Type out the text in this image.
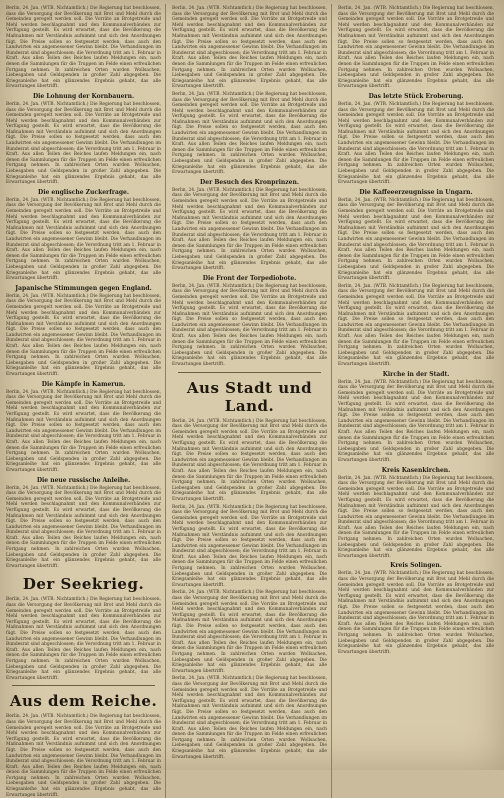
Berlin, 24. Jan. (WTB. Nichtamtlich.) Die Regierung hat beschlossen, dass die Versorgung der Bevölkerung mit Brot und Mehl durch die Gemeinden geregelt werden soll. Die Vorräte an Brotgetreide und Mehl werden beschlagnahmt und den Kommunalverbänden zur Verfügung gestellt. Es wird erwartet, dass die Bevölkerung die Maßnahmen mit Verständnis aufnimmt und sich den Anordnungen fügt. Die Preise sollen so festgesetzt werden, dass auch den Landwirten ein angemessener Gewinn bleibt. Die Verhandlungen im Bundesrat sind abgeschlossen; die Verordnung tritt am 1. Februar in Kraft. Aus allen Teilen des Reiches laufen Meldungen ein, nach denen die Sammlungen für die Truppen im Felde einen erfreulichen Fortgang nehmen. In zahlreichen Orten wurden Wollsachen, Liebesgaben und Geldspenden in großer Zahl abgegeben. Die Kriegsanleihe hat ein glänzendes Ergebnis gehabt, das alle Erwartungen übertrifft.
Die Lohnung der Kornbauern.
Berlin, 24. Jan. (WTB. Nichtamtlich.) Die Regierung hat beschlossen, dass die Versorgung der Bevölkerung mit Brot und Mehl durch die Gemeinden geregelt werden soll. Die Vorräte an Brotgetreide und Mehl werden beschlagnahmt und den Kommunalverbänden zur Verfügung gestellt. Es wird erwartet, dass die Bevölkerung die Maßnahmen mit Verständnis aufnimmt und sich den Anordnungen fügt. Die Preise sollen so festgesetzt werden, dass auch den Landwirten ein angemessener Gewinn bleibt. Die Verhandlungen im Bundesrat sind abgeschlossen; die Verordnung tritt am 1. Februar in Kraft. Aus allen Teilen des Reiches laufen Meldungen ein, nach denen die Sammlungen für die Truppen im Felde einen erfreulichen Fortgang nehmen. In zahlreichen Orten wurden Wollsachen, Liebesgaben und Geldspenden in großer Zahl abgegeben. Die Kriegsanleihe hat ein glänzendes Ergebnis gehabt, das alle Erwartungen übertrifft.
Die englische Zuckerfrage.
Berlin, 24. Jan. (WTB. Nichtamtlich.) Die Regierung hat beschlossen, dass die Versorgung der Bevölkerung mit Brot und Mehl durch die Gemeinden geregelt werden soll. Die Vorräte an Brotgetreide und Mehl werden beschlagnahmt und den Kommunalverbänden zur Verfügung gestellt. Es wird erwartet, dass die Bevölkerung die Maßnahmen mit Verständnis aufnimmt und sich den Anordnungen fügt. Die Preise sollen so festgesetzt werden, dass auch den Landwirten ein angemessener Gewinn bleibt. Die Verhandlungen im Bundesrat sind abgeschlossen; die Verordnung tritt am 1. Februar in Kraft. Aus allen Teilen des Reiches laufen Meldungen ein, nach denen die Sammlungen für die Truppen im Felde einen erfreulichen Fortgang nehmen. In zahlreichen Orten wurden Wollsachen, Liebesgaben und Geldspenden in großer Zahl abgegeben. Die Kriegsanleihe hat ein glänzendes Ergebnis gehabt, das alle Erwartungen übertrifft.
Japanische Stimmungen gegen England.
Berlin, 24. Jan. (WTB. Nichtamtlich.) Die Regierung hat beschlossen, dass die Versorgung der Bevölkerung mit Brot und Mehl durch die Gemeinden geregelt werden soll. Die Vorräte an Brotgetreide und Mehl werden beschlagnahmt und den Kommunalverbänden zur Verfügung gestellt. Es wird erwartet, dass die Bevölkerung die Maßnahmen mit Verständnis aufnimmt und sich den Anordnungen fügt. Die Preise sollen so festgesetzt werden, dass auch den Landwirten ein angemessener Gewinn bleibt. Die Verhandlungen im Bundesrat sind abgeschlossen; die Verordnung tritt am 1. Februar in Kraft. Aus allen Teilen des Reiches laufen Meldungen ein, nach denen die Sammlungen für die Truppen im Felde einen erfreulichen Fortgang nehmen. In zahlreichen Orten wurden Wollsachen, Liebesgaben und Geldspenden in großer Zahl abgegeben. Die Kriegsanleihe hat ein glänzendes Ergebnis gehabt, das alle Erwartungen übertrifft.
Die Kämpfe in Kamerun.
Berlin, 24. Jan. (WTB. Nichtamtlich.) Die Regierung hat beschlossen, dass die Versorgung der Bevölkerung mit Brot und Mehl durch die Gemeinden geregelt werden soll. Die Vorräte an Brotgetreide und Mehl werden beschlagnahmt und den Kommunalverbänden zur Verfügung gestellt. Es wird erwartet, dass die Bevölkerung die Maßnahmen mit Verständnis aufnimmt und sich den Anordnungen fügt. Die Preise sollen so festgesetzt werden, dass auch den Landwirten ein angemessener Gewinn bleibt. Die Verhandlungen im Bundesrat sind abgeschlossen; die Verordnung tritt am 1. Februar in Kraft. Aus allen Teilen des Reiches laufen Meldungen ein, nach denen die Sammlungen für die Truppen im Felde einen erfreulichen Fortgang nehmen. In zahlreichen Orten wurden Wollsachen, Liebesgaben und Geldspenden in großer Zahl abgegeben. Die Kriegsanleihe hat ein glänzendes Ergebnis gehabt, das alle Erwartungen übertrifft.
Die neue russische Anleihe.
Berlin, 24. Jan. (WTB. Nichtamtlich.) Die Regierung hat beschlossen, dass die Versorgung der Bevölkerung mit Brot und Mehl durch die Gemeinden geregelt werden soll. Die Vorräte an Brotgetreide und Mehl werden beschlagnahmt und den Kommunalverbänden zur Verfügung gestellt. Es wird erwartet, dass die Bevölkerung die Maßnahmen mit Verständnis aufnimmt und sich den Anordnungen fügt. Die Preise sollen so festgesetzt werden, dass auch den Landwirten ein angemessener Gewinn bleibt. Die Verhandlungen im Bundesrat sind abgeschlossen; die Verordnung tritt am 1. Februar in Kraft. Aus allen Teilen des Reiches laufen Meldungen ein, nach denen die Sammlungen für die Truppen im Felde einen erfreulichen Fortgang nehmen. In zahlreichen Orten wurden Wollsachen, Liebesgaben und Geldspenden in großer Zahl abgegeben. Die Kriegsanleihe hat ein glänzendes Ergebnis gehabt, das alle Erwartungen übertrifft.
Der Seekrieg.
Berlin, 24. Jan. (WTB. Nichtamtlich.) Die Regierung hat beschlossen, dass die Versorgung der Bevölkerung mit Brot und Mehl durch die Gemeinden geregelt werden soll. Die Vorräte an Brotgetreide und Mehl werden beschlagnahmt und den Kommunalverbänden zur Verfügung gestellt. Es wird erwartet, dass die Bevölkerung die Maßnahmen mit Verständnis aufnimmt und sich den Anordnungen fügt. Die Preise sollen so festgesetzt werden, dass auch den Landwirten ein angemessener Gewinn bleibt. Die Verhandlungen im Bundesrat sind abgeschlossen; die Verordnung tritt am 1. Februar in Kraft. Aus allen Teilen des Reiches laufen Meldungen ein, nach denen die Sammlungen für die Truppen im Felde einen erfreulichen Fortgang nehmen. In zahlreichen Orten wurden Wollsachen, Liebesgaben und Geldspenden in großer Zahl abgegeben. Die Kriegsanleihe hat ein glänzendes Ergebnis gehabt, das alle Erwartungen übertrifft.
Aus dem Reiche.
Berlin, 24. Jan. (WTB. Nichtamtlich.) Die Regierung hat beschlossen, dass die Versorgung der Bevölkerung mit Brot und Mehl durch die Gemeinden geregelt werden soll. Die Vorräte an Brotgetreide und Mehl werden beschlagnahmt und den Kommunalverbänden zur Verfügung gestellt. Es wird erwartet, dass die Bevölkerung die Maßnahmen mit Verständnis aufnimmt und sich den Anordnungen fügt. Die Preise sollen so festgesetzt werden, dass auch den Landwirten ein angemessener Gewinn bleibt. Die Verhandlungen im Bundesrat sind abgeschlossen; die Verordnung tritt am 1. Februar in Kraft. Aus allen Teilen des Reiches laufen Meldungen ein, nach denen die Sammlungen für die Truppen im Felde einen erfreulichen Fortgang nehmen. In zahlreichen Orten wurden Wollsachen, Liebesgaben und Geldspenden in großer Zahl abgegeben. Die Kriegsanleihe hat ein glänzendes Ergebnis gehabt, das alle Erwartungen übertrifft.
Berlin, 24. Jan. (WTB. Nichtamtlich.) Die Regierung hat beschlossen, dass die Versorgung der Bevölkerung mit Brot und Mehl durch die Gemeinden geregelt werden soll. Die Vorräte an Brotgetreide und Mehl werden beschlagnahmt und den Kommunalverbänden zur Verfügung gestellt. Es wird erwartet, dass die Bevölkerung die Maßnahmen mit Verständnis aufnimmt und sich den Anordnungen fügt. Die Preise sollen so festgesetzt werden, dass auch den Landwirten ein angemessener Gewinn bleibt. Die Verhandlungen im Bundesrat sind abgeschlossen; die Verordnung tritt am 1. Februar in Kraft. Aus allen Teilen des Reiches laufen Meldungen ein, nach denen die Sammlungen für die Truppen im Felde einen erfreulichen Fortgang nehmen. In zahlreichen Orten wurden Wollsachen, Liebesgaben und Geldspenden in großer Zahl abgegeben. Die Kriegsanleihe hat ein glänzendes Ergebnis gehabt, das alle Erwartungen übertrifft.
Berlin, 24. Jan. (WTB. Nichtamtlich.) Die Regierung hat beschlossen, dass die Versorgung der Bevölkerung mit Brot und Mehl durch die Gemeinden geregelt werden soll. Die Vorräte an Brotgetreide und Mehl werden beschlagnahmt und den Kommunalverbänden zur Verfügung gestellt. Es wird erwartet, dass die Bevölkerung die Maßnahmen mit Verständnis aufnimmt und sich den Anordnungen fügt. Die Preise sollen so festgesetzt werden, dass auch den Landwirten ein angemessener Gewinn bleibt. Die Verhandlungen im Bundesrat sind abgeschlossen; die Verordnung tritt am 1. Februar in Kraft. Aus allen Teilen des Reiches laufen Meldungen ein, nach denen die Sammlungen für die Truppen im Felde einen erfreulichen Fortgang nehmen. In zahlreichen Orten wurden Wollsachen, Liebesgaben und Geldspenden in großer Zahl abgegeben. Die Kriegsanleihe hat ein glänzendes Ergebnis gehabt, das alle Erwartungen übertrifft.
Der Besuch des Kronprinzen.
Berlin, 24. Jan. (WTB. Nichtamtlich.) Die Regierung hat beschlossen, dass die Versorgung der Bevölkerung mit Brot und Mehl durch die Gemeinden geregelt werden soll. Die Vorräte an Brotgetreide und Mehl werden beschlagnahmt und den Kommunalverbänden zur Verfügung gestellt. Es wird erwartet, dass die Bevölkerung die Maßnahmen mit Verständnis aufnimmt und sich den Anordnungen fügt. Die Preise sollen so festgesetzt werden, dass auch den Landwirten ein angemessener Gewinn bleibt. Die Verhandlungen im Bundesrat sind abgeschlossen; die Verordnung tritt am 1. Februar in Kraft. Aus allen Teilen des Reiches laufen Meldungen ein, nach denen die Sammlungen für die Truppen im Felde einen erfreulichen Fortgang nehmen. In zahlreichen Orten wurden Wollsachen, Liebesgaben und Geldspenden in großer Zahl abgegeben. Die Kriegsanleihe hat ein glänzendes Ergebnis gehabt, das alle Erwartungen übertrifft.
Die Front der Torpediobote.
Berlin, 24. Jan. (WTB. Nichtamtlich.) Die Regierung hat beschlossen, dass die Versorgung der Bevölkerung mit Brot und Mehl durch die Gemeinden geregelt werden soll. Die Vorräte an Brotgetreide und Mehl werden beschlagnahmt und den Kommunalverbänden zur Verfügung gestellt. Es wird erwartet, dass die Bevölkerung die Maßnahmen mit Verständnis aufnimmt und sich den Anordnungen fügt. Die Preise sollen so festgesetzt werden, dass auch den Landwirten ein angemessener Gewinn bleibt. Die Verhandlungen im Bundesrat sind abgeschlossen; die Verordnung tritt am 1. Februar in Kraft. Aus allen Teilen des Reiches laufen Meldungen ein, nach denen die Sammlungen für die Truppen im Felde einen erfreulichen Fortgang nehmen. In zahlreichen Orten wurden Wollsachen, Liebesgaben und Geldspenden in großer Zahl abgegeben. Die Kriegsanleihe hat ein glänzendes Ergebnis gehabt, das alle Erwartungen übertrifft.
Aus Stadt und Land.
Berlin, 24. Jan. (WTB. Nichtamtlich.) Die Regierung hat beschlossen, dass die Versorgung der Bevölkerung mit Brot und Mehl durch die Gemeinden geregelt werden soll. Die Vorräte an Brotgetreide und Mehl werden beschlagnahmt und den Kommunalverbänden zur Verfügung gestellt. Es wird erwartet, dass die Bevölkerung die Maßnahmen mit Verständnis aufnimmt und sich den Anordnungen fügt. Die Preise sollen so festgesetzt werden, dass auch den Landwirten ein angemessener Gewinn bleibt. Die Verhandlungen im Bundesrat sind abgeschlossen; die Verordnung tritt am 1. Februar in Kraft. Aus allen Teilen des Reiches laufen Meldungen ein, nach denen die Sammlungen für die Truppen im Felde einen erfreulichen Fortgang nehmen. In zahlreichen Orten wurden Wollsachen, Liebesgaben und Geldspenden in großer Zahl abgegeben. Die Kriegsanleihe hat ein glänzendes Ergebnis gehabt, das alle Erwartungen übertrifft.
Berlin, 24. Jan. (WTB. Nichtamtlich.) Die Regierung hat beschlossen, dass die Versorgung der Bevölkerung mit Brot und Mehl durch die Gemeinden geregelt werden soll. Die Vorräte an Brotgetreide und Mehl werden beschlagnahmt und den Kommunalverbänden zur Verfügung gestellt. Es wird erwartet, dass die Bevölkerung die Maßnahmen mit Verständnis aufnimmt und sich den Anordnungen fügt. Die Preise sollen so festgesetzt werden, dass auch den Landwirten ein angemessener Gewinn bleibt. Die Verhandlungen im Bundesrat sind abgeschlossen; die Verordnung tritt am 1. Februar in Kraft. Aus allen Teilen des Reiches laufen Meldungen ein, nach denen die Sammlungen für die Truppen im Felde einen erfreulichen Fortgang nehmen. In zahlreichen Orten wurden Wollsachen, Liebesgaben und Geldspenden in großer Zahl abgegeben. Die Kriegsanleihe hat ein glänzendes Ergebnis gehabt, das alle Erwartungen übertrifft.
Berlin, 24. Jan. (WTB. Nichtamtlich.) Die Regierung hat beschlossen, dass die Versorgung der Bevölkerung mit Brot und Mehl durch die Gemeinden geregelt werden soll. Die Vorräte an Brotgetreide und Mehl werden beschlagnahmt und den Kommunalverbänden zur Verfügung gestellt. Es wird erwartet, dass die Bevölkerung die Maßnahmen mit Verständnis aufnimmt und sich den Anordnungen fügt. Die Preise sollen so festgesetzt werden, dass auch den Landwirten ein angemessener Gewinn bleibt. Die Verhandlungen im Bundesrat sind abgeschlossen; die Verordnung tritt am 1. Februar in Kraft. Aus allen Teilen des Reiches laufen Meldungen ein, nach denen die Sammlungen für die Truppen im Felde einen erfreulichen Fortgang nehmen. In zahlreichen Orten wurden Wollsachen, Liebesgaben und Geldspenden in großer Zahl abgegeben. Die Kriegsanleihe hat ein glänzendes Ergebnis gehabt, das alle Erwartungen übertrifft.
Berlin, 24. Jan. (WTB. Nichtamtlich.) Die Regierung hat beschlossen, dass die Versorgung der Bevölkerung mit Brot und Mehl durch die Gemeinden geregelt werden soll. Die Vorräte an Brotgetreide und Mehl werden beschlagnahmt und den Kommunalverbänden zur Verfügung gestellt. Es wird erwartet, dass die Bevölkerung die Maßnahmen mit Verständnis aufnimmt und sich den Anordnungen fügt. Die Preise sollen so festgesetzt werden, dass auch den Landwirten ein angemessener Gewinn bleibt. Die Verhandlungen im Bundesrat sind abgeschlossen; die Verordnung tritt am 1. Februar in Kraft. Aus allen Teilen des Reiches laufen Meldungen ein, nach denen die Sammlungen für die Truppen im Felde einen erfreulichen Fortgang nehmen. In zahlreichen Orten wurden Wollsachen, Liebesgaben und Geldspenden in großer Zahl abgegeben. Die Kriegsanleihe hat ein glänzendes Ergebnis gehabt, das alle Erwartungen übertrifft.
Berlin, 24. Jan. (WTB. Nichtamtlich.) Die Regierung hat beschlossen, dass die Versorgung der Bevölkerung mit Brot und Mehl durch die Gemeinden geregelt werden soll. Die Vorräte an Brotgetreide und Mehl werden beschlagnahmt und den Kommunalverbänden zur Verfügung gestellt. Es wird erwartet, dass die Bevölkerung die Maßnahmen mit Verständnis aufnimmt und sich den Anordnungen fügt. Die Preise sollen so festgesetzt werden, dass auch den Landwirten ein angemessener Gewinn bleibt. Die Verhandlungen im Bundesrat sind abgeschlossen; die Verordnung tritt am 1. Februar in Kraft. Aus allen Teilen des Reiches laufen Meldungen ein, nach denen die Sammlungen für die Truppen im Felde einen erfreulichen Fortgang nehmen. In zahlreichen Orten wurden Wollsachen, Liebesgaben und Geldspenden in großer Zahl abgegeben. Die Kriegsanleihe hat ein glänzendes Ergebnis gehabt, das alle Erwartungen übertrifft.
Das letzte Stück Eroberung.
Berlin, 24. Jan. (WTB. Nichtamtlich.) Die Regierung hat beschlossen, dass die Versorgung der Bevölkerung mit Brot und Mehl durch die Gemeinden geregelt werden soll. Die Vorräte an Brotgetreide und Mehl werden beschlagnahmt und den Kommunalverbänden zur Verfügung gestellt. Es wird erwartet, dass die Bevölkerung die Maßnahmen mit Verständnis aufnimmt und sich den Anordnungen fügt. Die Preise sollen so festgesetzt werden, dass auch den Landwirten ein angemessener Gewinn bleibt. Die Verhandlungen im Bundesrat sind abgeschlossen; die Verordnung tritt am 1. Februar in Kraft. Aus allen Teilen des Reiches laufen Meldungen ein, nach denen die Sammlungen für die Truppen im Felde einen erfreulichen Fortgang nehmen. In zahlreichen Orten wurden Wollsachen, Liebesgaben und Geldspenden in großer Zahl abgegeben. Die Kriegsanleihe hat ein glänzendes Ergebnis gehabt, das alle Erwartungen übertrifft.
Die Kaffeeerzeugnisse in Ungarn.
Berlin, 24. Jan. (WTB. Nichtamtlich.) Die Regierung hat beschlossen, dass die Versorgung der Bevölkerung mit Brot und Mehl durch die Gemeinden geregelt werden soll. Die Vorräte an Brotgetreide und Mehl werden beschlagnahmt und den Kommunalverbänden zur Verfügung gestellt. Es wird erwartet, dass die Bevölkerung die Maßnahmen mit Verständnis aufnimmt und sich den Anordnungen fügt. Die Preise sollen so festgesetzt werden, dass auch den Landwirten ein angemessener Gewinn bleibt. Die Verhandlungen im Bundesrat sind abgeschlossen; die Verordnung tritt am 1. Februar in Kraft. Aus allen Teilen des Reiches laufen Meldungen ein, nach denen die Sammlungen für die Truppen im Felde einen erfreulichen Fortgang nehmen. In zahlreichen Orten wurden Wollsachen, Liebesgaben und Geldspenden in großer Zahl abgegeben. Die Kriegsanleihe hat ein glänzendes Ergebnis gehabt, das alle Erwartungen übertrifft.
Berlin, 24. Jan. (WTB. Nichtamtlich.) Die Regierung hat beschlossen, dass die Versorgung der Bevölkerung mit Brot und Mehl durch die Gemeinden geregelt werden soll. Die Vorräte an Brotgetreide und Mehl werden beschlagnahmt und den Kommunalverbänden zur Verfügung gestellt. Es wird erwartet, dass die Bevölkerung die Maßnahmen mit Verständnis aufnimmt und sich den Anordnungen fügt. Die Preise sollen so festgesetzt werden, dass auch den Landwirten ein angemessener Gewinn bleibt. Die Verhandlungen im Bundesrat sind abgeschlossen; die Verordnung tritt am 1. Februar in Kraft. Aus allen Teilen des Reiches laufen Meldungen ein, nach denen die Sammlungen für die Truppen im Felde einen erfreulichen Fortgang nehmen. In zahlreichen Orten wurden Wollsachen, Liebesgaben und Geldspenden in großer Zahl abgegeben. Die Kriegsanleihe hat ein glänzendes Ergebnis gehabt, das alle Erwartungen übertrifft.
Kirche in der Stadt.
Berlin, 24. Jan. (WTB. Nichtamtlich.) Die Regierung hat beschlossen, dass die Versorgung der Bevölkerung mit Brot und Mehl durch die Gemeinden geregelt werden soll. Die Vorräte an Brotgetreide und Mehl werden beschlagnahmt und den Kommunalverbänden zur Verfügung gestellt. Es wird erwartet, dass die Bevölkerung die Maßnahmen mit Verständnis aufnimmt und sich den Anordnungen fügt. Die Preise sollen so festgesetzt werden, dass auch den Landwirten ein angemessener Gewinn bleibt. Die Verhandlungen im Bundesrat sind abgeschlossen; die Verordnung tritt am 1. Februar in Kraft. Aus allen Teilen des Reiches laufen Meldungen ein, nach denen die Sammlungen für die Truppen im Felde einen erfreulichen Fortgang nehmen. In zahlreichen Orten wurden Wollsachen, Liebesgaben und Geldspenden in großer Zahl abgegeben. Die Kriegsanleihe hat ein glänzendes Ergebnis gehabt, das alle Erwartungen übertrifft.
Kreis Kasenkirchen.
Berlin, 24. Jan. (WTB. Nichtamtlich.) Die Regierung hat beschlossen, dass die Versorgung der Bevölkerung mit Brot und Mehl durch die Gemeinden geregelt werden soll. Die Vorräte an Brotgetreide und Mehl werden beschlagnahmt und den Kommunalverbänden zur Verfügung gestellt. Es wird erwartet, dass die Bevölkerung die Maßnahmen mit Verständnis aufnimmt und sich den Anordnungen fügt. Die Preise sollen so festgesetzt werden, dass auch den Landwirten ein angemessener Gewinn bleibt. Die Verhandlungen im Bundesrat sind abgeschlossen; die Verordnung tritt am 1. Februar in Kraft. Aus allen Teilen des Reiches laufen Meldungen ein, nach denen die Sammlungen für die Truppen im Felde einen erfreulichen Fortgang nehmen. In zahlreichen Orten wurden Wollsachen, Liebesgaben und Geldspenden in großer Zahl abgegeben. Die Kriegsanleihe hat ein glänzendes Ergebnis gehabt, das alle Erwartungen übertrifft.
Kreis Solingen.
Berlin, 24. Jan. (WTB. Nichtamtlich.) Die Regierung hat beschlossen, dass die Versorgung der Bevölkerung mit Brot und Mehl durch die Gemeinden geregelt werden soll. Die Vorräte an Brotgetreide und Mehl werden beschlagnahmt und den Kommunalverbänden zur Verfügung gestellt. Es wird erwartet, dass die Bevölkerung die Maßnahmen mit Verständnis aufnimmt und sich den Anordnungen fügt. Die Preise sollen so festgesetzt werden, dass auch den Landwirten ein angemessener Gewinn bleibt. Die Verhandlungen im Bundesrat sind abgeschlossen; die Verordnung tritt am 1. Februar in Kraft. Aus allen Teilen des Reiches laufen Meldungen ein, nach denen die Sammlungen für die Truppen im Felde einen erfreulichen Fortgang nehmen. In zahlreichen Orten wurden Wollsachen, Liebesgaben und Geldspenden in großer Zahl abgegeben. Die Kriegsanleihe hat ein glänzendes Ergebnis gehabt, das alle Erwartungen übertrifft.
